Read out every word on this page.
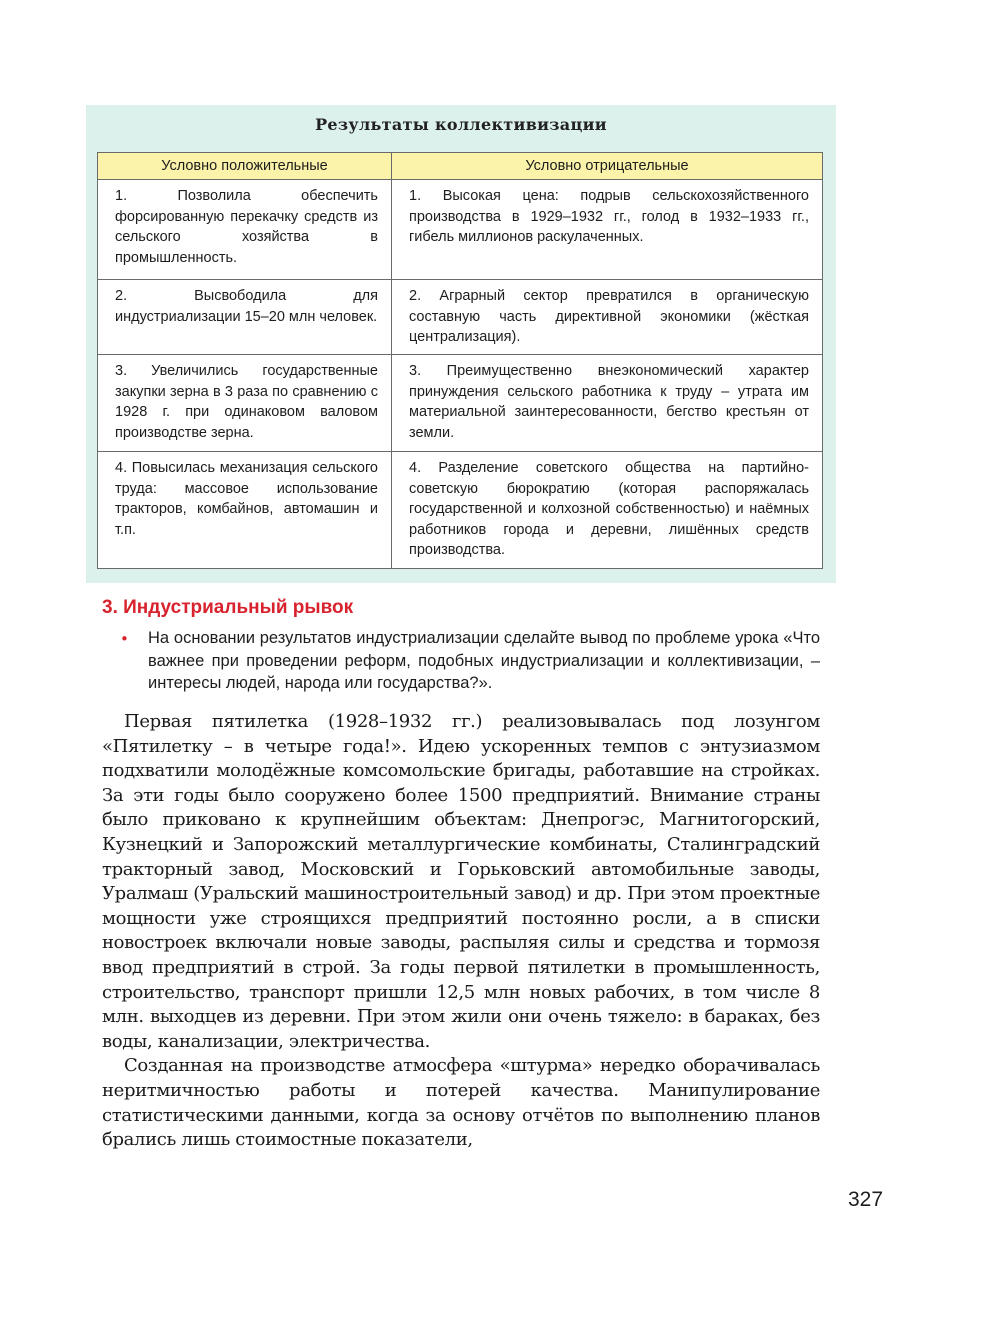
Результаты коллективизации
Условно положительные	Условно отрицательные
1. Позволила обеспечить форсированную перекачку средств из сельского хозяйства в промышленность.	1. Высокая цена: подрыв сельскохозяйственного производства в 1929–1932 гг., голод в 1932–1933 гг., гибель миллионов раскулаченных.
2. Высвободила для индустриализации 15–20 млн человек.	2. Аграрный сектор превратился в органическую составную часть директивной экономики (жёсткая централизация).
3. Увеличились государственные закупки зерна в 3 раза по сравнению с 1928 г. при одинаковом валовом производстве зерна.	3. Преимущественно внеэкономический характер принуждения сельского работника к труду – утрата им материальной заинтересованности, бегство крестьян от земли.
4. Повысилась механизация сельского труда: массовое использование тракторов, комбайнов, автомашин и т.п.	4. Разделение советского общества на партийно-советскую бюрократию (которая распоряжалась государственной и колхозной собственностью) и наёмных работников города и деревни, лишённых средств производства.
3. Индустриальный рывок
• На основании результатов индустриализации сделайте вывод по проблеме урока «Что важнее при проведении реформ, подобных индустриализации и коллективизации, – интересы людей, народа или государства?».

Первая пятилетка (1928–1932 гг.) реализовывалась под лозунгом «Пятилетку – в четыре года!». Идею ускоренных темпов с энтузиазмом подхватили молодёжные комсомольские бригады, работавшие на стройках. За эти годы было сооружено более 1500 предприятий. Внимание страны было приковано к крупнейшим объектам: Днепрогэс, Магнитогорский, Кузнецкий и Запорожский металлургические комбинаты, Сталинградский тракторный завод, Московский и Горьковский автомобильные заводы, Уралмаш (Уральский машиностроительный завод) и др. При этом проектные мощности уже строящихся предприятий постоянно росли, а в списки новостроек включали новые заводы, распыляя силы и средства и тормозя ввод предприятий в строй. За годы первой пятилетки в промышленность, строительство, транспорт пришли 12,5 млн новых рабочих, в том числе 8 млн. выходцев из деревни. При этом жили они очень тяжело: в бараках, без воды, канализации, электричества.

Созданная на производстве атмосфера «штурма» нередко оборачивалась неритмичностью работы и потерей качества. Манипулирование статистическими данными, когда за основу отчётов по выполнению планов брались лишь стоимостные показатели,

327
